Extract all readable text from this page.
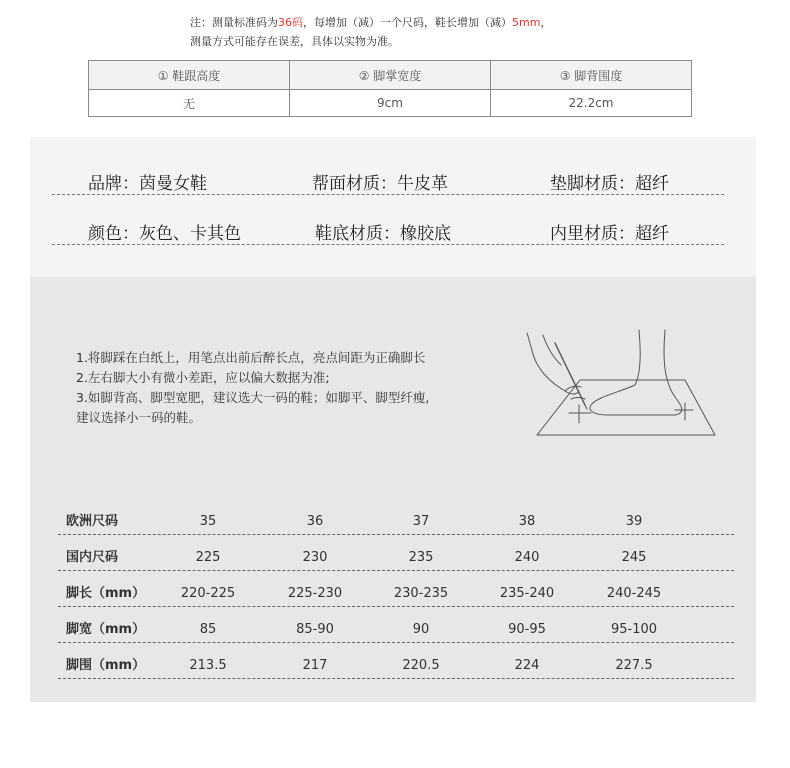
注：测量标准码为36码，每增加（减）一个尺码，鞋长增加（减）5mm，
测量方式可能存在误差，具体以实物为准。
① 鞋跟高度	② 脚掌宽度	③ 脚背围度
无	9cm	22.2cm
品牌：茵曼女鞋	帮面材质：牛皮革	垫脚材质：超纤
颜色：灰色、卡其色	鞋底材质：橡胶底	内里材质：超纤
1.将脚踩在白纸上，用笔点出前后醉长点，亮点间距为正确脚长
2.左右脚大小有微小差距，应以偏大数据为准;
3.如脚背高、脚型宽肥，建议选大一码的鞋；如脚平、脚型纤瘦,
建议选择小一码的鞋。
欧洲尺码	35	36	37	38	39
国内尺码	225	230	235	240	245
脚长（mm）	220-225	225-230	230-235	235-240	240-245
脚宽（mm）	85	85-90	90	90-95	95-100
脚围（mm）	213.5	217	220.5	224	227.5
